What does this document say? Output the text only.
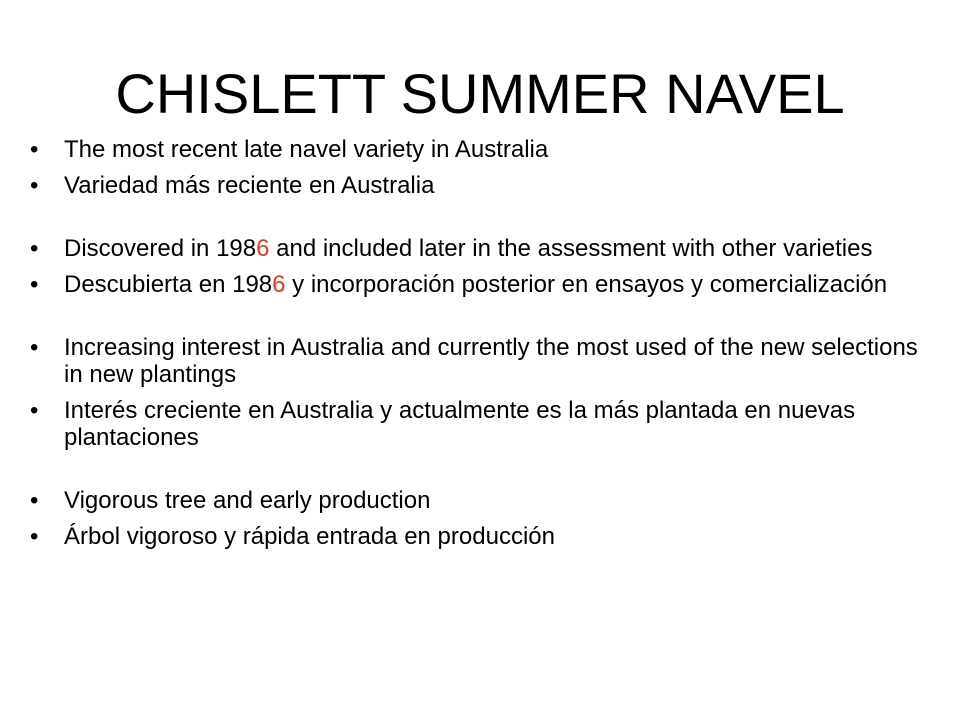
CHISLETT SUMMER NAVEL
• The most recent late navel variety in Australia
• Variedad más reciente en Australia
• Discovered in 1986 and included later in the assessment with other varieties
• Descubierta en 1986 y incorporación posterior en ensayos y comercialización
• Increasing interest in Australia and currently the most used of the new selections in new plantings
• Interés creciente en Australia y actualmente es la más plantada en nuevas plantaciones
• Vigorous tree and early production
• Árbol vigoroso y rápida entrada en producción
